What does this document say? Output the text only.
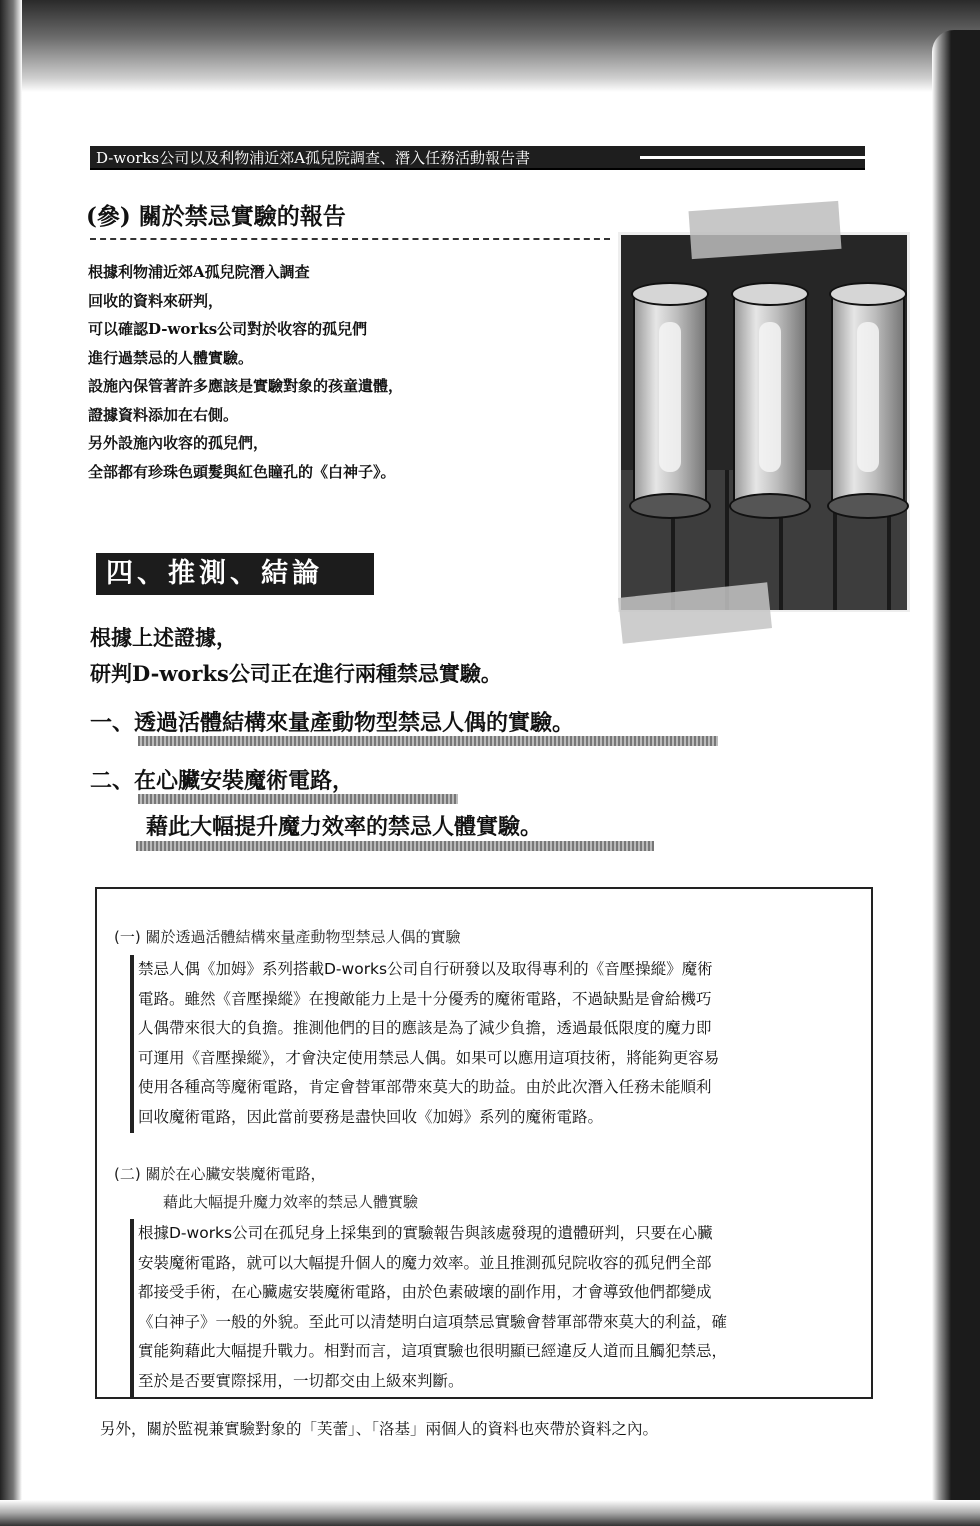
D-works公司以及利物浦近郊A孤兒院調查、潛入任務活動報告書
(參) 關於禁忌實驗的報告
根據利物浦近郊A孤兒院潛入調查
回收的資料來研判，
可以確認D-works公司對於收容的孤兒們
進行過禁忌的人體實驗。
設施內保管著許多應該是實驗對象的孩童遺體，
證據資料添加在右側。
另外設施內收容的孤兒們，
全部都有珍珠色頭髮與紅色瞳孔的《白神子》。
四、推測、結論
根據上述證據，
研判D-works公司正在進行兩種禁忌實驗。
一、透過活體結構來量產動物型禁忌人偶的實驗。
二、在心臟安裝魔術電路，
藉此大幅提升魔力效率的禁忌人體實驗。
(一) 關於透過活體結構來量產動物型禁忌人偶的實驗
禁忌人偶《加姆》系列搭載D-works公司自行研發以及取得專利的《音壓操縱》魔術
電路。雖然《音壓操縱》在搜敵能力上是十分優秀的魔術電路，不過缺點是會給機巧
人偶帶來很大的負擔。推測他們的目的應該是為了減少負擔，透過最低限度的魔力即
可運用《音壓操縱》，才會決定使用禁忌人偶。如果可以應用這項技術，將能夠更容易
使用各種高等魔術電路，肯定會替軍部帶來莫大的助益。由於此次潛入任務未能順利
回收魔術電路，因此當前要務是盡快回收《加姆》系列的魔術電路。
(二) 關於在心臟安裝魔術電路，
藉此大幅提升魔力效率的禁忌人體實驗
根據D-works公司在孤兒身上採集到的實驗報告與該處發現的遺體研判，只要在心臟
安裝魔術電路，就可以大幅提升個人的魔力效率。並且推測孤兒院收容的孤兒們全部
都接受手術，在心臟處安裝魔術電路，由於色素破壞的副作用，才會導致他們都變成
《白神子》一般的外貌。至此可以清楚明白這項禁忌實驗會替軍部帶來莫大的利益，確
實能夠藉此大幅提升戰力。相對而言，這項實驗也很明顯已經違反人道而且觸犯禁忌，
至於是否要實際採用，一切都交由上級來判斷。
另外，關於監視兼實驗對象的「芙蕾」、「洛基」兩個人的資料也夾帶於資料之內。
